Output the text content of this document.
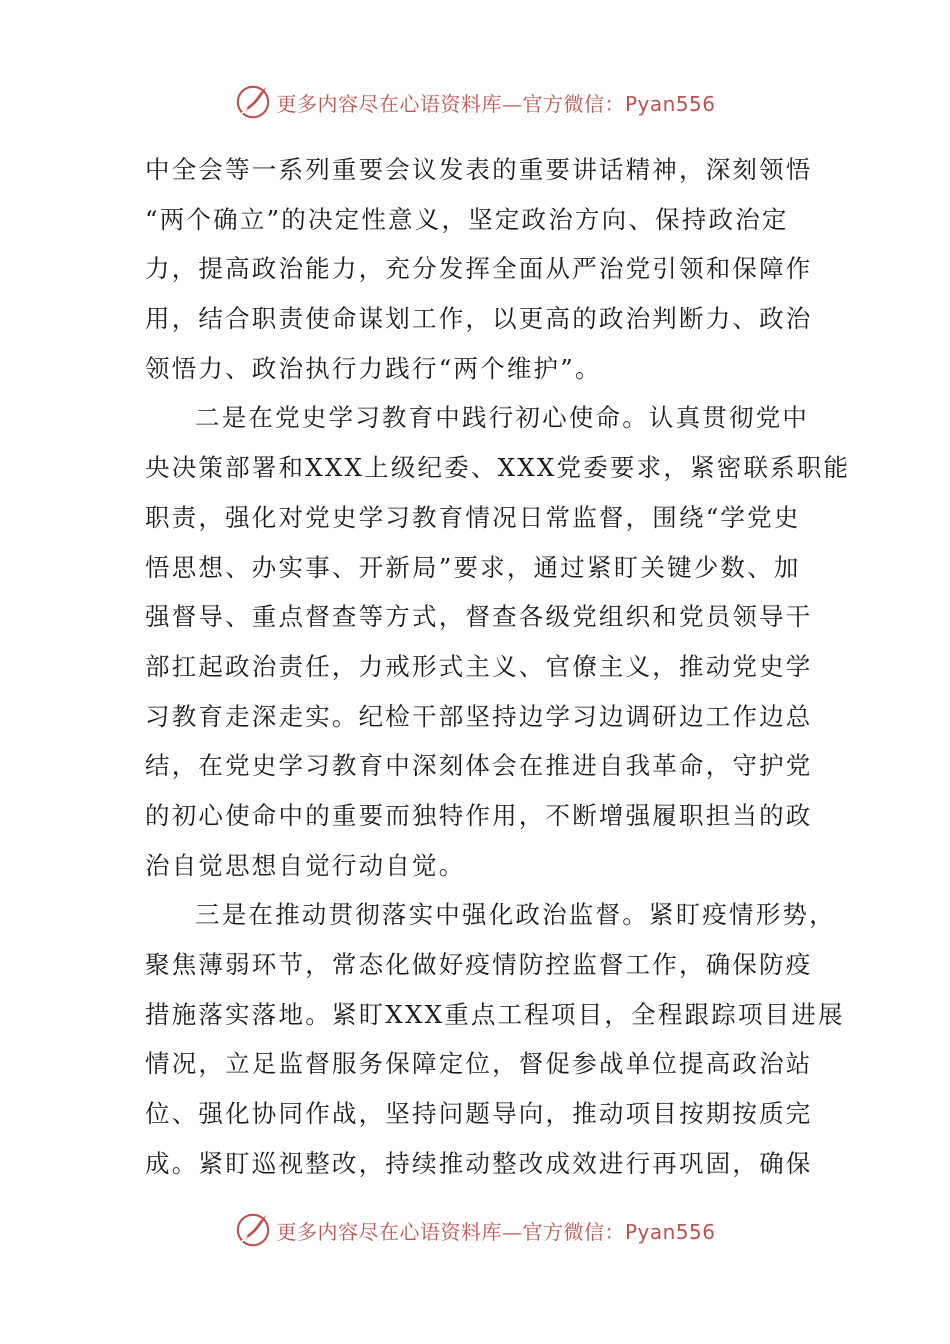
更多内容尽在心语资料库—官方微信：Pyan556
中全会等一系列重要会议发表的重要讲话精神，深刻领悟
“两个确立”的决定性意义，坚定政治方向、保持政治定
力，提高政治能力，充分发挥全面从严治党引领和保障作
用，结合职责使命谋划工作，以更高的政治判断力、政治
领悟力、政治执行力践行“两个维护”。
二是在党史学习教育中践行初心使命。认真贯彻党中
央决策部署和XXX上级纪委、XXX党委要求，紧密联系职能
职责，强化对党史学习教育情况日常监督，围绕“学党史
悟思想、办实事、开新局”要求，通过紧盯关键少数、加
强督导、重点督查等方式，督查各级党组织和党员领导干
部扛起政治责任，力戒形式主义、官僚主义，推动党史学
习教育走深走实。纪检干部坚持边学习边调研边工作边总
结，在党史学习教育中深刻体会在推进自我革命，守护党
的初心使命中的重要而独特作用，不断增强履职担当的政
治自觉思想自觉行动自觉。
三是在推动贯彻落实中强化政治监督。紧盯疫情形势，
聚焦薄弱环节，常态化做好疫情防控监督工作，确保防疫
措施落实落地。紧盯XXX重点工程项目，全程跟踪项目进展
情况，立足监督服务保障定位，督促参战单位提高政治站
位、强化协同作战，坚持问题导向，推动项目按期按质完
成。紧盯巡视整改，持续推动整改成效进行再巩固，确保
更多内容尽在心语资料库—官方微信：Pyan556
